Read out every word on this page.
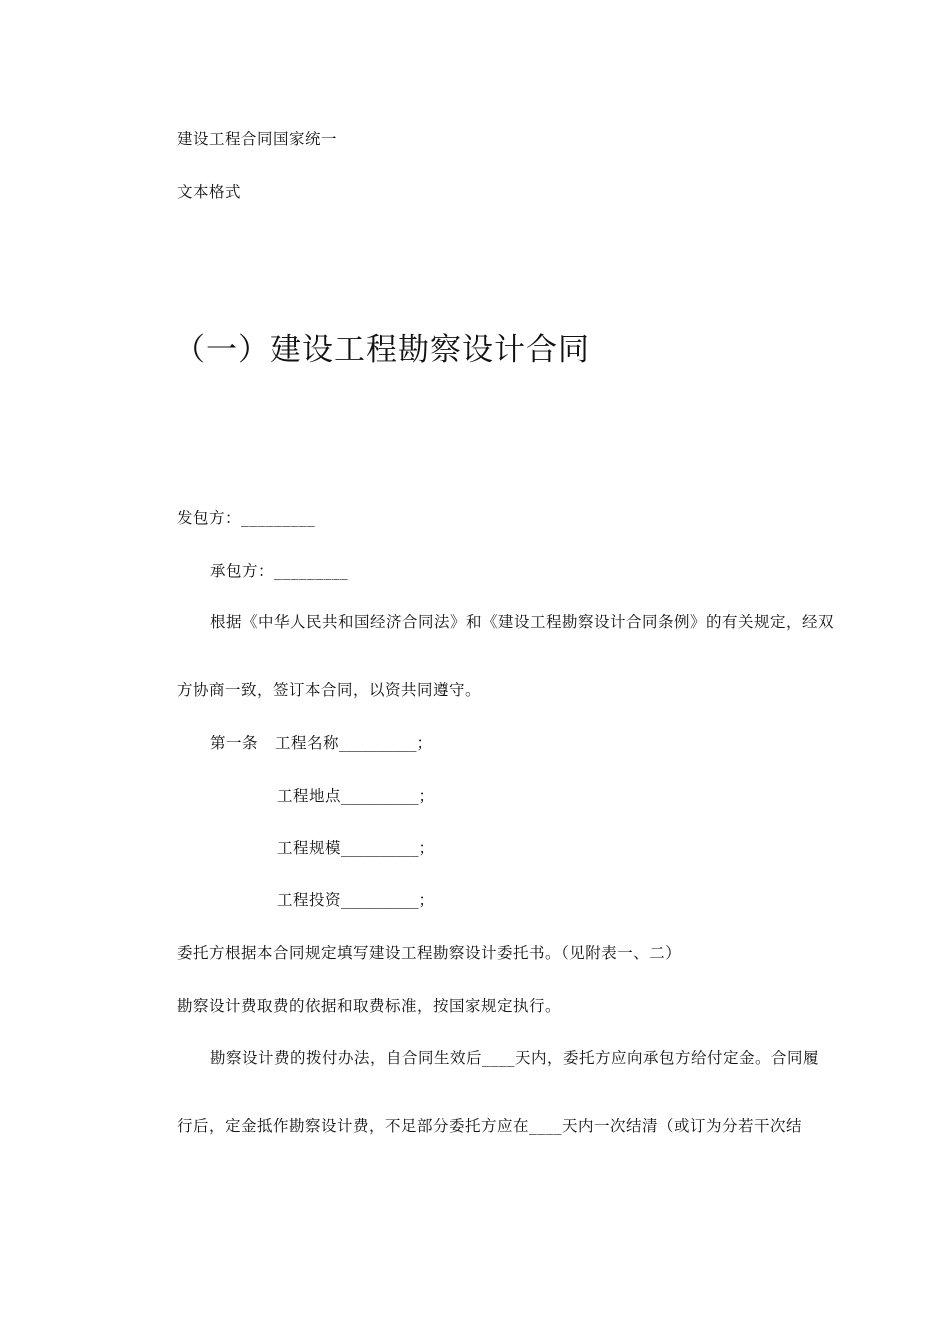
建设工程合同国家统一
文本格式
（一）建设工程勘察设计合同
发包方：_________
承包方：_________
根据《中华人民共和国经济合同法》和《建设工程勘察设计合同条例》的有关规定，经双
方协商一致，签订本合同，以资共同遵守。
第一条 工程名称__________；
工程地点__________；
工程规模__________；
工程投资__________；
委托方根据本合同规定填写建设工程勘察设计委托书。（见附表一、二）
勘察设计费取费的依据和取费标准，按国家规定执行。
勘察设计费的拨付办法，自合同生效后____天内，委托方应向承包方给付定金。合同履
行后，定金抵作勘察设计费，不足部分委托方应在____天内一次结清（或订为分若干次结
